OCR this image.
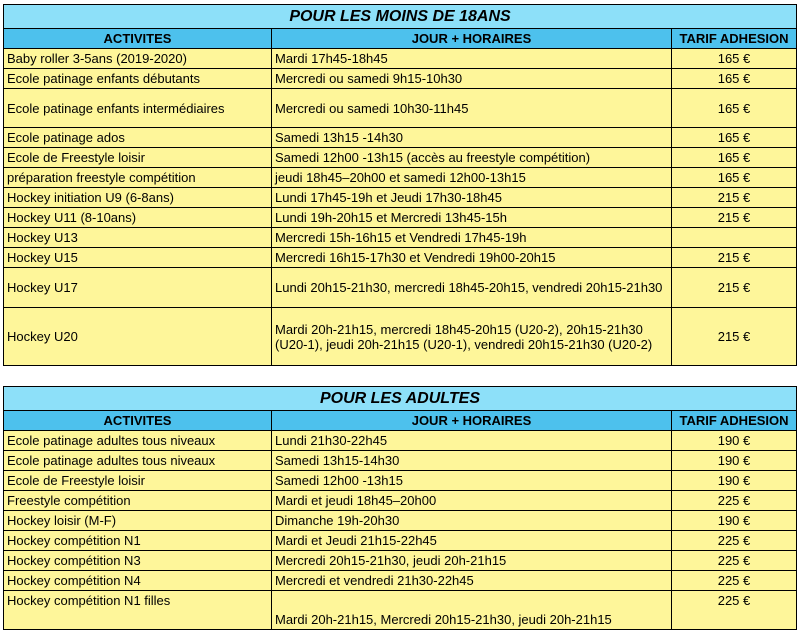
POUR LES MOINS DE 18ANS		
ACTIVITES	JOUR + HORAIRES	TARIF ADHESION
Baby roller 3-5ans (2019-2020)	Mardi 17h45-18h45	165 €
Ecole patinage enfants débutants	Mercredi ou samedi 9h15-10h30	165 €
Ecole patinage enfants intermédiaires	Mercredi ou samedi 10h30-11h45	165 €
Ecole patinage ados	Samedi 13h15 -14h30	165 €
Ecole de Freestyle loisir	Samedi 12h00 -13h15 (accès au freestyle compétition)	165 €
préparation freestyle compétition	jeudi 18h45–20h00 et samedi 12h00-13h15	165 €
Hockey initiation U9 (6-8ans)	Lundi 17h45-19h et Jeudi 17h30-18h45	215 €
Hockey U11 (8-10ans)	Lundi 19h-20h15 et Mercredi 13h45-15h	215 €
Hockey U13	Mercredi 15h-16h15 et Vendredi 17h45-19h	
Hockey U15	Mercredi 16h15-17h30 et Vendredi 19h00-20h15	215 €
Hockey U17	Lundi 20h15-21h30, mercredi 18h45-20h15, vendredi 20h15-21h30	215 €
Hockey U20	Mardi 20h-21h15, mercredi 18h45-20h15 (U20-2), 20h15-21h30 (U20-1), jeudi 20h-21h15 (U20-1), vendredi 20h15-21h30 (U20-2)	215 €
POUR LES ADULTES		
ACTIVITES	JOUR + HORAIRES	TARIF ADHESION
Ecole patinage adultes tous niveaux	Lundi 21h30-22h45	190 €
Ecole patinage adultes tous niveaux	Samedi 13h15-14h30	190 €
Ecole de Freestyle loisir	Samedi 12h00 -13h15	190 €
Freestyle compétition	Mardi et jeudi 18h45–20h00	225 €
Hockey loisir (M-F)	Dimanche 19h-20h30	190 €
Hockey compétition N1	Mardi et Jeudi 21h15-22h45	225 €
Hockey compétition N3	Mercredi 20h15-21h30, jeudi 20h-21h15	225 €
Hockey compétition N4	Mercredi et vendredi 21h30-22h45	225 €
Hockey compétition N1 filles	Mardi 20h-21h15, Mercredi 20h15-21h30, jeudi 20h-21h15	225 €
